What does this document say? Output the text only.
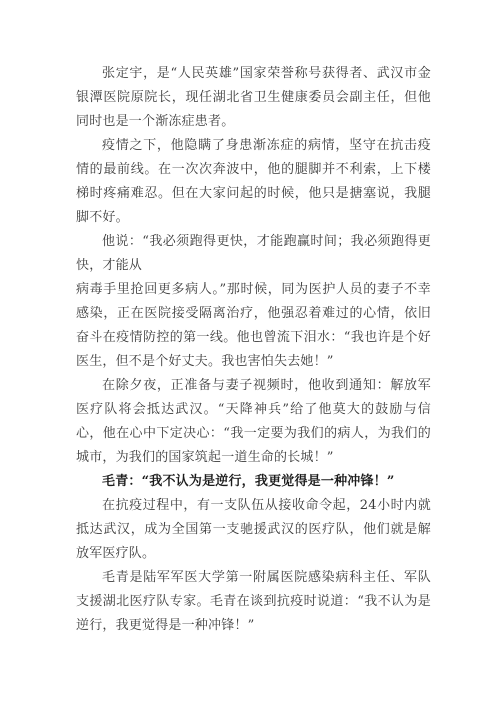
张定宇，是“人民英雄”国家荣誉称号获得者、武汉市金银潭医院原院长，现任湖北省卫生健康委员会副主任，但他同时也是一个渐冻症患者。

疫情之下，他隐瞒了身患渐冻症的病情，坚守在抗击疫情的最前线。在一次次奔波中，他的腿脚并不利索，上下楼梯时疼痛难忍。但在大家问起的时候，他只是搪塞说，我腿脚不好。

他说：“我必须跑得更快，才能跑赢时间；我必须跑得更快，才能从

病毒手里抢回更多病人。”那时候，同为医护人员的妻子不幸感染，正在医院接受隔离治疗，他强忍着难过的心情，依旧奋斗在疫情防控的第一线。他也曾流下泪水：“我也许是个好医生，但不是个好丈夫。我也害怕失去她！”

在除夕夜，正准备与妻子视频时，他收到通知：解放军医疗队将会抵达武汉。“天降神兵”给了他莫大的鼓励与信心，他在心中下定决心：“我一定要为我们的病人，为我们的城市，为我们的国家筑起一道生命的长城！”

毛青：“我不认为是逆行，我更觉得是一种冲锋！”

在抗疫过程中，有一支队伍从接收命令起，24小时内就抵达武汉，成为全国第一支驰援武汉的医疗队，他们就是解放军医疗队。

毛青是陆军军医大学第一附属医院感染病科主任、军队支援湖北医疗队专家。毛青在谈到抗疫时说道：“我不认为是逆行，我更觉得是一种冲锋！”
